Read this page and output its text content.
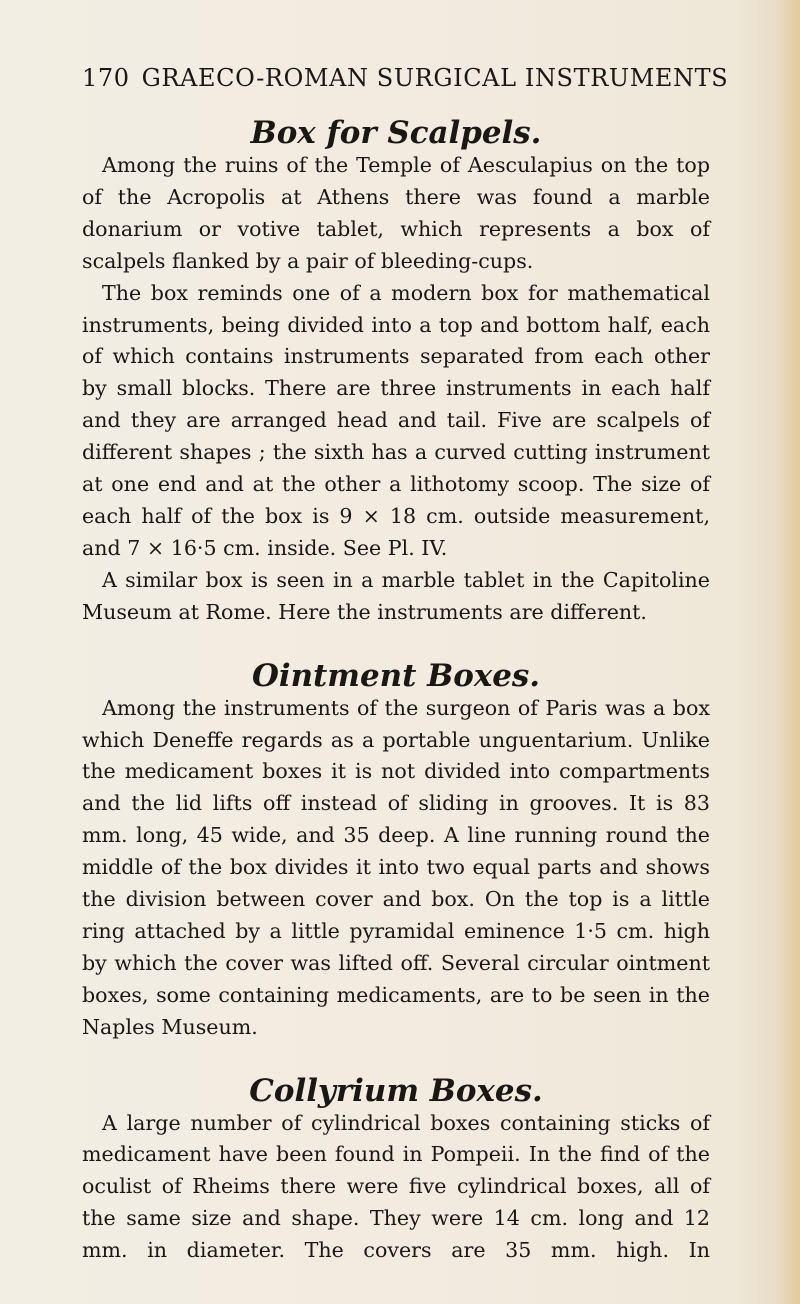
170 GRAECO-ROMAN SURGICAL INSTRUMENTS
Box for Scalpels.

Among the ruins of the Temple of Aesculapius on the top of the Acropolis at Athens there was found a marble donarium or votive tablet, which represents a box of scalpels flanked by a pair of bleeding-cups.

The box reminds one of a modern box for mathematical instruments, being divided into a top and bottom half, each of which contains instruments separated from each other by small blocks. There are three instruments in each half and they are arranged head and tail. Five are scalpels of different shapes ; the sixth has a curved cutting instrument at one end and at the other a lithotomy scoop. The size of each half of the box is 9 × 18 cm. outside measurement, and 7 × 16·5 cm. inside. See Pl. IV.

A similar box is seen in a marble tablet in the Capitoline Museum at Rome. Here the instruments are different.

Ointment Boxes.

Among the instruments of the surgeon of Paris was a box which Deneffe regards as a portable unguentarium. Unlike the medicament boxes it is not divided into compartments and the lid lifts off instead of sliding in grooves. It is 83 mm. long, 45 wide, and 35 deep. A line running round the middle of the box divides it into two equal parts and shows the division between cover and box. On the top is a little ring attached by a little pyramidal eminence 1·5 cm. high by which the cover was lifted off. Several circular ointment boxes, some containing medicaments, are to be seen in the Naples Museum.

Collyrium Boxes.

A large number of cylindrical boxes containing sticks of medicament have been found in Pompeii. In the find of the oculist of Rheims there were five cylindrical boxes, all of the same size and shape. They were 14 cm. long and 12 mm. in diameter. The covers are 35 mm. high. In
